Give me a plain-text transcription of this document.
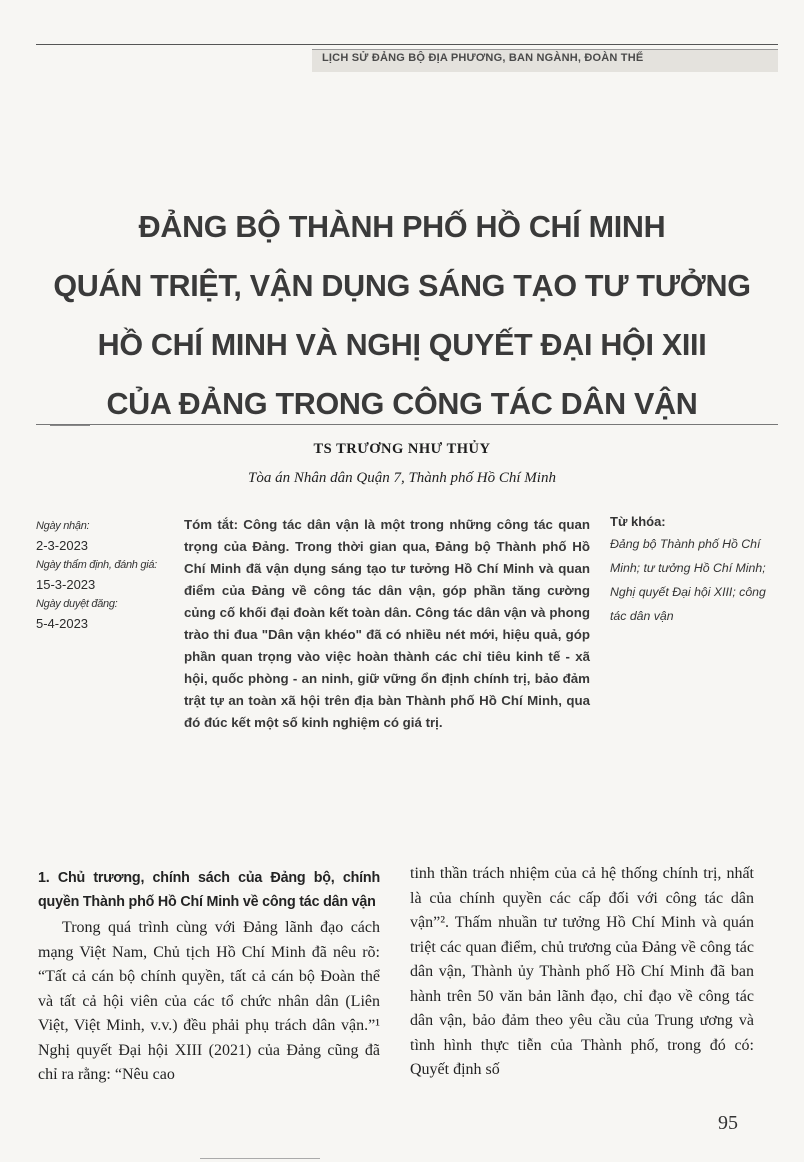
LỊCH SỬ ĐẢNG BỘ ĐỊA PHƯƠNG, BAN NGÀNH, ĐOÀN THỂ
ĐẢNG BỘ THÀNH PHỐ HỒ CHÍ MINH
QUÁN TRIỆT, VẬN DỤNG SÁNG TẠO TƯ TƯỞNG
HỒ CHÍ MINH VÀ NGHỊ QUYẾT ĐẠI HỘI XIII
CỦA ĐẢNG TRONG CÔNG TÁC DÂN VẬN
TS TRƯƠNG NHƯ THỦY
Tòa án Nhân dân Quận 7, Thành phố Hồ Chí Minh
Ngày nhận:
2-3-2023
Ngày thẩm định, đánh giá:
15-3-2023
Ngày duyệt đăng:
5-4-2023
Tóm tắt: Công tác dân vận là một trong những công tác quan trọng của Đảng. Trong thời gian qua, Đảng bộ Thành phố Hồ Chí Minh đã vận dụng sáng tạo tư tưởng Hồ Chí Minh và quan điểm của Đảng về công tác dân vận, góp phần tăng cường củng cố khối đại đoàn kết toàn dân. Công tác dân vận và phong trào thi đua "Dân vận khéo" đã có nhiều nét mới, hiệu quả, góp phần quan trọng vào việc hoàn thành các chỉ tiêu kinh tế - xã hội, quốc phòng - an ninh, giữ vững ổn định chính trị, bảo đảm trật tự an toàn xã hội trên địa bàn Thành phố Hồ Chí Minh, qua đó đúc kết một số kinh nghiệm có giá trị.
Từ khóa:
Đảng bộ Thành phố Hồ Chí Minh; tư tưởng Hồ Chí Minh; Nghị quyết Đại hội XIII; công tác dân vận
1. Chủ trương, chính sách của Đảng bộ, chính quyền Thành phố Hồ Chí Minh về công tác dân vận
Trong quá trình cùng với Đảng lãnh đạo cách mạng Việt Nam, Chủ tịch Hồ Chí Minh đã nêu rõ: “Tất cả cán bộ chính quyền, tất cả cán bộ Đoàn thể và tất cả hội viên của các tổ chức nhân dân (Liên Việt, Việt Minh, v.v.) đều phải phụ trách dân vận.”¹ Nghị quyết Đại hội XIII (2021) của Đảng cũng đã chỉ ra rằng: “Nêu cao
tinh thần trách nhiệm của cả hệ thống chính trị, nhất là của chính quyền các cấp đối với công tác dân vận”². Thấm nhuần tư tưởng Hồ Chí Minh và quán triệt các quan điểm, chủ trương của Đảng về công tác dân vận, Thành ủy Thành phố Hồ Chí Minh đã ban hành trên 50 văn bản lãnh đạo, chỉ đạo về công tác dân vận, bảo đảm theo yêu cầu của Trung ương và tình hình thực tiễn của Thành phố, trong đó có: Quyết định số
95
